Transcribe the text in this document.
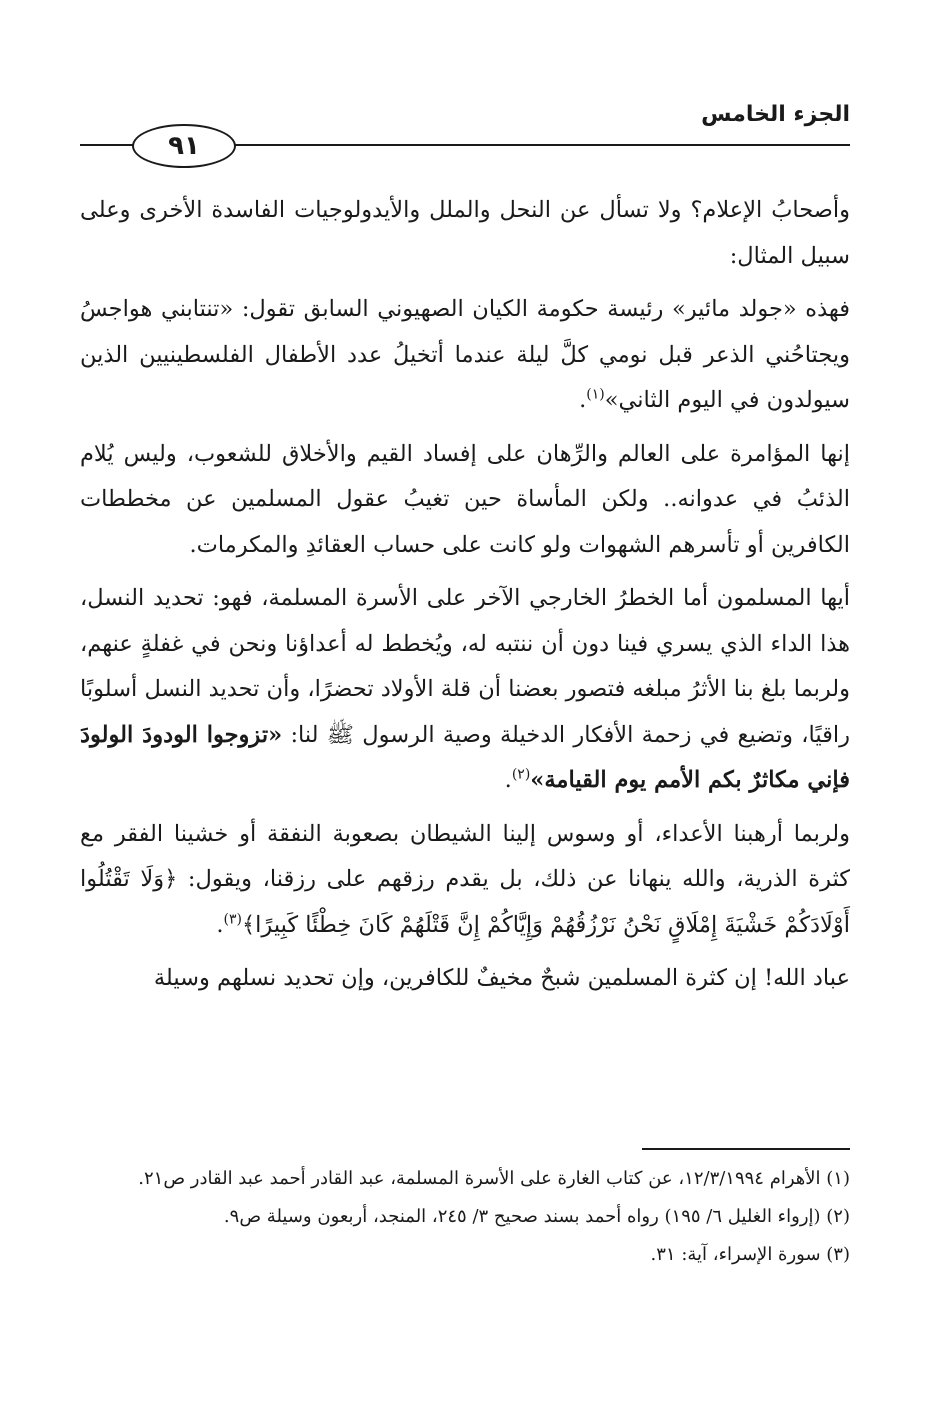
الجزء الخامس
٩١

وأصحابُ الإعلام؟ ولا تسأل عن النحل والملل والأيدولوجيات الفاسدة الأخرى وعلى سبيل المثال:

فهذه «جولد مائير» رئيسة حكومة الكيان الصهيوني السابق تقول: «تنتابني هواجسُ ويجتاحُني الذعر قبل نومي كلَّ ليلة عندما أتخيلُ عدد الأطفال الفلسطينيين الذين سيولدون في اليوم الثاني»$^{(١)}$.

إنها المؤامرة على العالم والرِّهان على إفساد القيم والأخلاق للشعوب، وليس يُلام الذئبُ في عدوانه.. ولكن المأساة حين تغيبُ عقول المسلمين عن مخططات الكافرين أو تأسرهم الشهوات ولو كانت على حساب العقائدِ والمكرمات.

أيها المسلمون أما الخطرُ الخارجي الآخر على الأسرة المسلمة، فهو: تحديد النسل، هذا الداء الذي يسري فينا دون أن ننتبه له، ويُخطط له أعداؤنا ونحن في غفلةٍ عنهم، ولربما بلغ بنا الأثرُ مبلغه فتصور بعضنا أن قلة الأولاد تحضرًا، وأن تحديد النسل أسلوبًا راقيًا، وتضيع في زحمة الأفكار الدخيلة وصية الرسول ﷺ لنا: «تزوجوا الودودَ الولودَ فإني مكاثرٌ بكم الأمم يوم القيامة»$^{(٢)}$.

ولربما أرهبنا الأعداء، أو وسوس إلينا الشيطان بصعوبة النفقة أو خشينا الفقر مع كثرة الذرية، والله ينهانا عن ذلك، بل يقدم رزقهم على رزقنا، ويقول: ﴿وَلَا تَقْتُلُوا أَوْلَادَكُمْ خَشْيَةَ إِمْلَاقٍ نَحْنُ نَرْزُقُهُمْ وَإِيَّاكُمْ إِنَّ قَتْلَهُمْ كَانَ خِطْئًا كَبِيرًا﴾$^{(٣)}$.

عباد الله! إن كثرة المسلمين شبحٌ مخيفٌ للكافرين، وإن تحديد نسلهم وسيلة

(١) الأهرام ١٢/٣/١٩٩٤، عن كتاب الغارة على الأسرة المسلمة، عبد القادر أحمد عبد القادر ص٢١.

(٢) (إرواء الغليل ٦/ ١٩٥) رواه أحمد بسند صحيح ٣/ ٢٤٥، المنجد، أربعون وسيلة ص٩.

(٣) سورة الإسراء، آية: ٣١.
